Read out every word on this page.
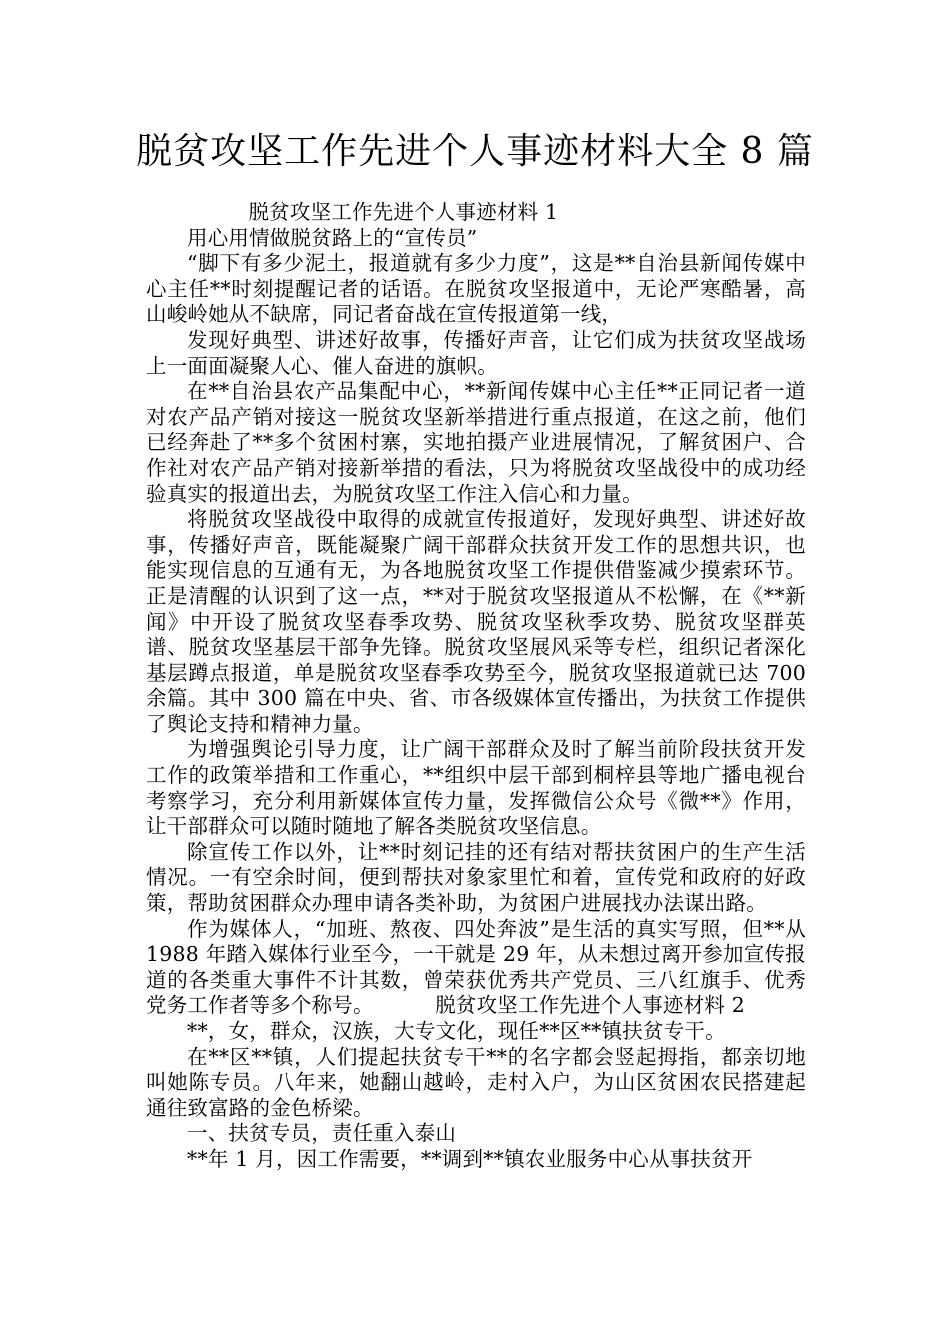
脱贫攻坚工作先进个人事迹材料大全 8 篇

脱贫攻坚工作先进个人事迹材料 1

用心用情做脱贫路上的“宣传员”

“脚下有多少泥土，报道就有多少力度”，这是**自治县新闻传媒中心主任**时刻提醒记者的话语。在脱贫攻坚报道中，无论严寒酷暑，高山峻岭她从不缺席，同记者奋战在宣传报道第一线，

发现好典型、讲述好故事，传播好声音，让它们成为扶贫攻坚战场上一面面凝聚人心、催人奋进的旗帜。

在**自治县农产品集配中心，**新闻传媒中心主任**正同记者一道对农产品产销对接这一脱贫攻坚新举措进行重点报道，在这之前，他们已经奔赴了**多个贫困村寨，实地拍摄产业进展情况，了解贫困户、合作社对农产品产销对接新举措的看法，只为将脱贫攻坚战役中的成功经验真实的报道出去，为脱贫攻坚工作注入信心和力量。

将脱贫攻坚战役中取得的成就宣传报道好，发现好典型、讲述好故事，传播好声音，既能凝聚广阔干部群众扶贫开发工作的思想共识，也能实现信息的互通有无，为各地脱贫攻坚工作提供借鉴减少摸索环节。正是清醒的认识到了这一点，**对于脱贫攻坚报道从不松懈，在《**新闻》中开设了脱贫攻坚春季攻势、脱贫攻坚秋季攻势、脱贫攻坚群英谱、脱贫攻坚基层干部争先锋。脱贫攻坚展风采等专栏，组织记者深化基层蹲点报道，单是脱贫攻坚春季攻势至今，脱贫攻坚报道就已达 700 余篇。其中 300 篇在中央、省、市各级媒体宣传播出，为扶贫工作提供了舆论支持和精神力量。

为增强舆论引导力度，让广阔干部群众及时了解当前阶段扶贫开发工作的政策举措和工作重心，**组织中层干部到桐梓县等地广播电视台考察学习，充分利用新媒体宣传力量，发挥微信公众号《微**》作用，让干部群众可以随时随地了解各类脱贫攻坚信息。

除宣传工作以外，让**时刻记挂的还有结对帮扶贫困户的生产生活情况。一有空余时间，便到帮扶对象家里忙和着，宣传党和政府的好政策，帮助贫困群众办理申请各类补助，为贫困户进展找办法谋出路。

作为媒体人，“加班、熬夜、四处奔波”是生活的真实写照，但**从 1988 年踏入媒体行业至今，一干就是 29 年，从未想过离开参加宣传报道的各类重大事件不计其数，曾荣获优秀共产党员、三八红旗手、优秀党务工作者等多个称号。	脱贫攻坚工作先进个人事迹材料 2

**，女，群众，汉族，大专文化，现任**区**镇扶贫专干。

在**区**镇，人们提起扶贫专干**的名字都会竖起拇指，都亲切地叫她陈专员。八年来，她翻山越岭，走村入户，为山区贫困农民搭建起通往致富路的金色桥梁。

一、扶贫专员，责任重入泰山

**年 1 月，因工作需要，**调到**镇农业服务中心从事扶贫开
